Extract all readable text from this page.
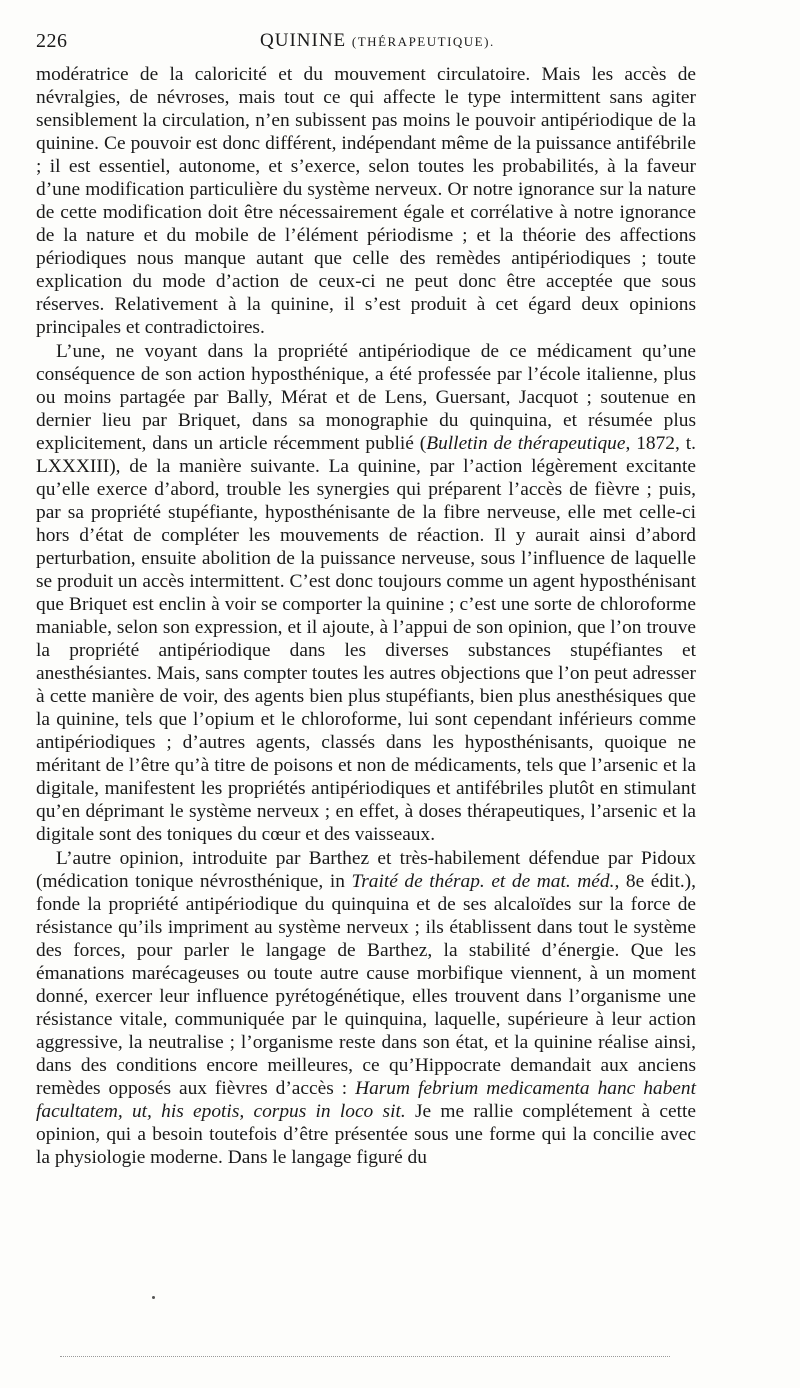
226	QUININE (THÉRAPEUTIQUE).

modératrice de la caloricité et du mouvement circulatoire. Mais les accès de névralgies, de névroses, mais tout ce qui affecte le type intermittent sans agiter sensiblement la circulation, n’en subissent pas moins le pouvoir antipériodique de la quinine. Ce pouvoir est donc différent, indépendant même de la puissance antifébrile ; il est essentiel, autonome, et s’exerce, selon toutes les probabilités, à la faveur d’une modification particulière du système nerveux. Or notre ignorance sur la nature de cette modification doit être nécessairement égale et corrélative à notre ignorance de la nature et du mobile de l’élément périodisme ; et la théorie des affections périodiques nous manque autant que celle des remèdes antipériodiques ; toute explication du mode d’action de ceux-ci ne peut donc être acceptée que sous réserves. Relativement à la quinine, il s’est produit à cet égard deux opinions principales et contradictoires.

L’une, ne voyant dans la propriété antipériodique de ce médicament qu’une conséquence de son action hyposthénique, a été professée par l’école italienne, plus ou moins partagée par Bally, Mérat et de Lens, Guersant, Jacquot ; soutenue en dernier lieu par Briquet, dans sa monographie du quinquina, et résumée plus explicitement, dans un article récemment publié (Bulletin de thérapeutique, 1872, t. LXXXIII), de la manière suivante. La quinine, par l’action légèrement excitante qu’elle exerce d’abord, trouble les synergies qui préparent l’accès de fièvre ; puis, par sa propriété stupéfiante, hyposthénisante de la fibre nerveuse, elle met celle-ci hors d’état de compléter les mouvements de réaction. Il y aurait ainsi d’abord perturbation, ensuite abolition de la puissance nerveuse, sous l’influence de laquelle se produit un accès intermittent. C’est donc toujours comme un agent hyposthénisant que Briquet est enclin à voir se comporter la quinine ; c’est une sorte de chloroforme maniable, selon son expression, et il ajoute, à l’appui de son opinion, que l’on trouve la propriété antipériodique dans les diverses substances stupéfiantes et anesthésiantes. Mais, sans compter toutes les autres objections que l’on peut adresser à cette manière de voir, des agents bien plus stupéfiants, bien plus anesthésiques que la quinine, tels que l’opium et le chloroforme, lui sont cependant inférieurs comme antipériodiques ; d’autres agents, classés dans les hyposthénisants, quoique ne méritant de l’être qu’à titre de poisons et non de médicaments, tels que l’arsenic et la digitale, manifestent les propriétés antipériodiques et antifébriles plutôt en stimulant qu’en déprimant le système nerveux ; en effet, à doses thérapeutiques, l’arsenic et la digitale sont des toniques du cœur et des vaisseaux.

L’autre opinion, introduite par Barthez et très-habilement défendue par Pidoux (médication tonique névrosthénique, in Traité de thérap. et de mat. méd., 8e édit.), fonde la propriété antipériodique du quinquina et de ses alcaloïdes sur la force de résistance qu’ils impriment au système nerveux ; ils établissent dans tout le système des forces, pour parler le langage de Barthez, la stabilité d’énergie. Que les émanations marécageuses ou toute autre cause morbifique viennent, à un moment donné, exercer leur influence pyrétogénétique, elles trouvent dans l’organisme une résistance vitale, communiquée par le quinquina, laquelle, supérieure à leur action aggressive, la neutralise ; l’organisme reste dans son état, et la quinine réalise ainsi, dans des conditions encore meilleures, ce qu’Hippocrate demandait aux anciens remèdes opposés aux fièvres d’accès : Harum febrium medicamenta hanc habent facultatem, ut, his epotis, corpus in loco sit. Je me rallie complétement à cette opinion, qui a besoin toutefois d’être présentée sous une forme qui la concilie avec la physiologie moderne. Dans le langage figuré du
